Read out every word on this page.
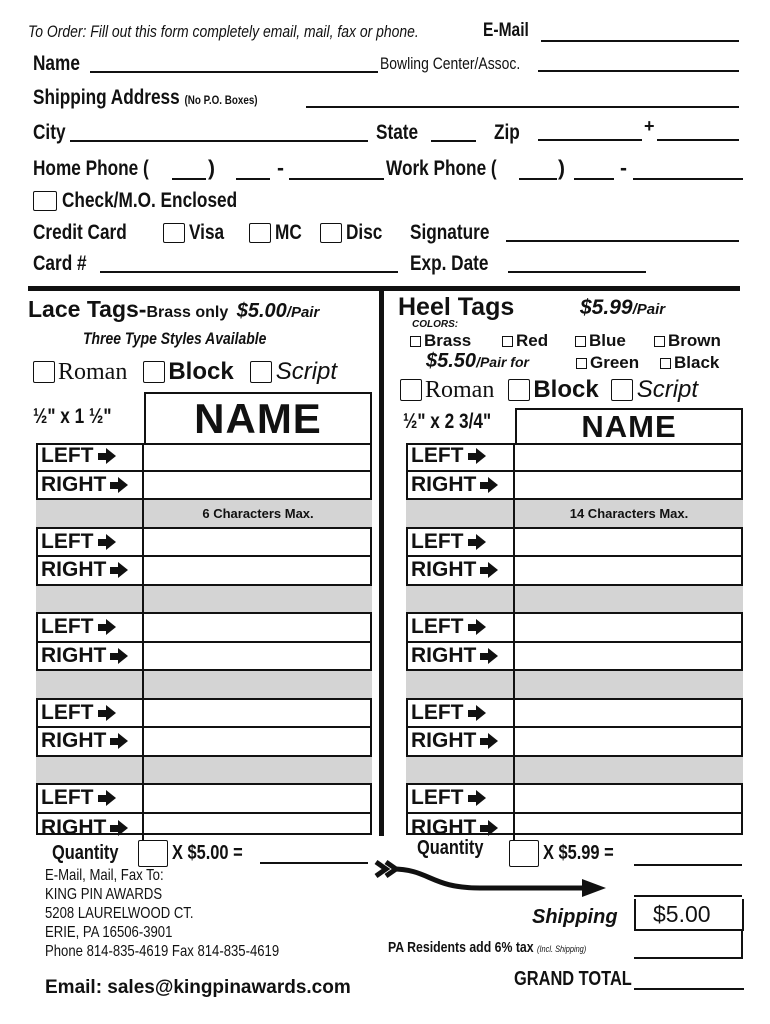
To Order: Fill out this form completely email, mail, fax or phone.	E-Mail
Name	Bowling Center/Assoc.
Shipping Address (No P.O. Boxes)
City	State	Zip	+
Home Phone (	)	-	Work Phone (	)	-
Check/M.O. Enclosed
Credit Card	Visa	MC	Disc	Signature
Card #	Exp. Date
Lace Tags-Brass only $5.00/Pair
Three Type Styles Available
Roman Block Script
½" x 1 ½"	NAME
LEFT
RIGHT
6 Characters Max.
LEFT
RIGHT
LEFT
RIGHT
LEFT
RIGHT
LEFT
RIGHT
Heel Tags	$5.99/Pair
COLORS:
Brass	Red	Blue	Brown
$5.50/Pair for	Green	Black
Roman Block Script
½" x 2 3/4"	NAME
LEFT
RIGHT
14 Characters Max.
LEFT
RIGHT
LEFT
RIGHT
LEFT
RIGHT
LEFT
RIGHT
Quantity	X $5.00 =	Quantity	X $5.99 =
E-Mail, Mail, Fax To:
KING PIN AWARDS
5208 LAURELWOOD CT.
ERIE, PA 16506-3901
Phone 814-835-4619 Fax 814-835-4619
Email: sales@kingpinawards.com
Shipping	$5.00
PA Residents add 6% tax (Incl. Shipping)
GRAND TOTAL
